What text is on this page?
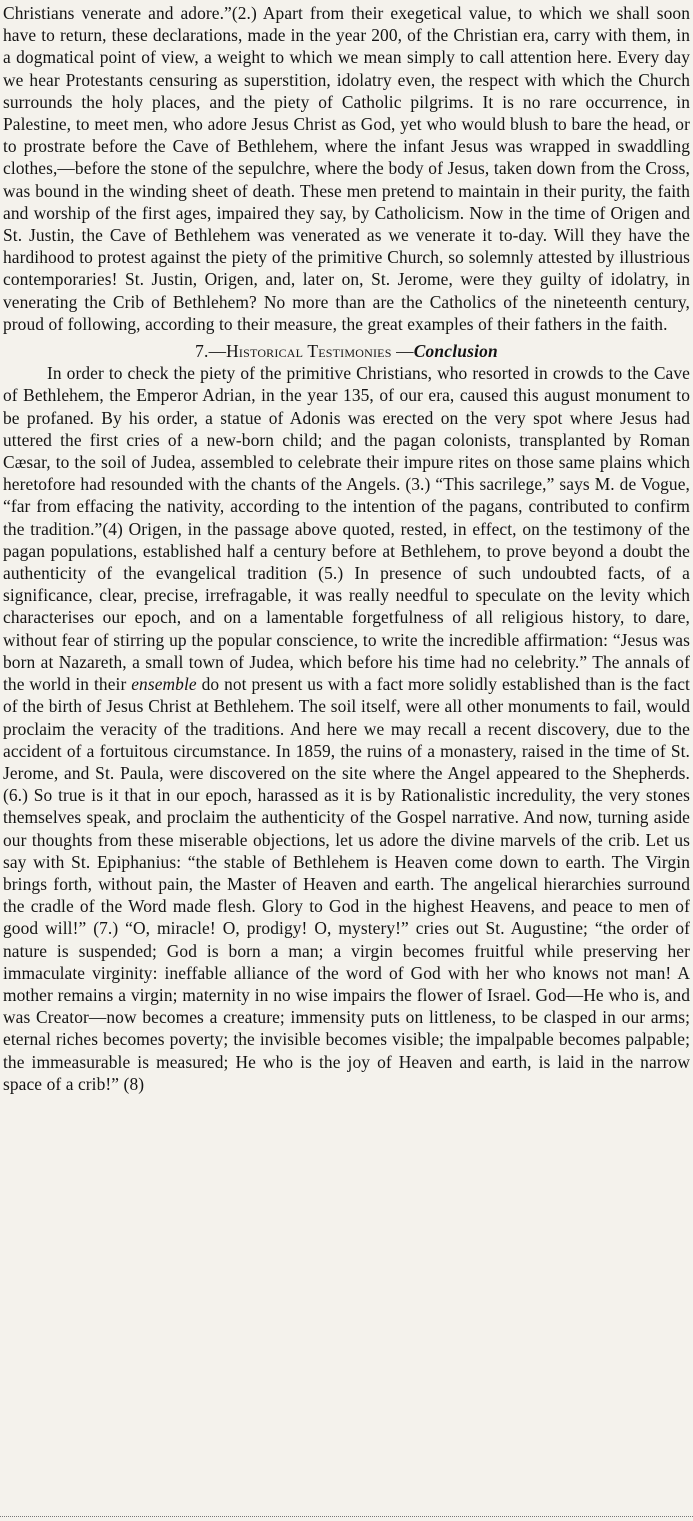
Christians venerate and adore.”(2.) Apart from their exegetical value, to which we shall soon have to return, these declarations, made in the year 200, of the Christian era, carry with them, in a dogmatical point of view, a weight to which we mean simply to call attention here. Every day we hear Protestants censuring as superstition, idolatry even, the respect with which the Church surrounds the holy places, and the piety of Catholic pilgrims. It is no rare occurrence, in Palestine, to meet men, who adore Jesus Christ as God, yet who would blush to bare the head, or to prostrate before the Cave of Bethlehem, where the infant Jesus was wrapped in swaddling clothes,—before the stone of the sepulchre, where the body of Jesus, taken down from the Cross, was bound in the winding sheet of death. These men pretend to maintain in their purity, the faith and worship of the first ages, impaired they say, by Catholicism. Now in the time of Origen and St. Justin, the Cave of Bethlehem was venerated as we venerate it to-day. Will they have the hardihood to protest against the piety of the primitive Church, so solemnly attested by illustrious contemporaries! St. Justin, Origen, and, later on, St. Jerome, were they guilty of idolatry, in venerating the Crib of Bethlehem? No more than are the Catholics of the nineteenth century, proud of following, according to their measure, the great examples of their fathers in the faith.

7.—Historical Testimonies —Conclusion

In order to check the piety of the primitive Christians, who resorted in crowds to the Cave of Bethlehem, the Emperor Adrian, in the year 135, of our era, caused this august monument to be profaned. By his order, a statue of Adonis was erected on the very spot where Jesus had uttered the first cries of a new-born child; and the pagan colonists, transplanted by Roman Cæsar, to the soil of Judea, assembled to celebrate their impure rites on those same plains which heretofore had resounded with the chants of the Angels. (3.) “This sacrilege,” says M. de Vogue, “far from effacing the nativity, according to the intention of the pagans, contributed to confirm the tradition.”(4) Origen, in the passage above quoted, rested, in effect, on the testimony of the pagan populations, established half a century before at Bethlehem, to prove beyond a doubt the authenticity of the evangelical tradition (5.) In presence of such undoubted facts, of a significance, clear, precise, irrefragable, it was really needful to speculate on the levity which characterises our epoch, and on a lamentable forgetfulness of all religious history, to dare, without fear of stirring up the popular conscience, to write the incredible affirmation: “Jesus was born at Nazareth, a small town of Judea, which before his time had no celebrity.” The annals of the world in their ensemble do not present us with a fact more solidly established than is the fact of the birth of Jesus Christ at Bethlehem. The soil itself, were all other monuments to fail, would proclaim the veracity of the traditions. And here we may recall a recent discovery, due to the accident of a fortuitous circumstance. In 1859, the ruins of a monastery, raised in the time of St. Jerome, and St. Paula, were discovered on the site where the Angel appeared to the Shepherds. (6.) So true is it that in our epoch, harassed as it is by Rationalistic incredulity, the very stones themselves speak, and proclaim the authenticity of the Gospel narrative. And now, turning aside our thoughts from these miserable objections, let us adore the divine marvels of the crib. Let us say with St. Epiphanius: “the stable of Bethlehem is Heaven come down to earth. The Virgin brings forth, without pain, the Master of Heaven and earth. The angelical hierarchies surround the cradle of the Word made flesh. Glory to God in the highest Heavens, and peace to men of good will!” (7.) “O, miracle! O, prodigy! O, mystery!” cries out St. Augustine; “the order of nature is suspended; God is born a man; a virgin becomes fruitful while preserving her immaculate virginity: ineffable alliance of the word of God with her who knows not man! A mother remains a virgin; maternity in no wise impairs the flower of Israel. God—He who is, and was Creator—now becomes a creature; immensity puts on littleness, to be clasped in our arms; eternal riches becomes poverty; the invisible becomes visible; the impalpable becomes palpable; the immeasurable is measured; He who is the joy of Heaven and earth, is laid in the narrow space of a crib!” (8)
